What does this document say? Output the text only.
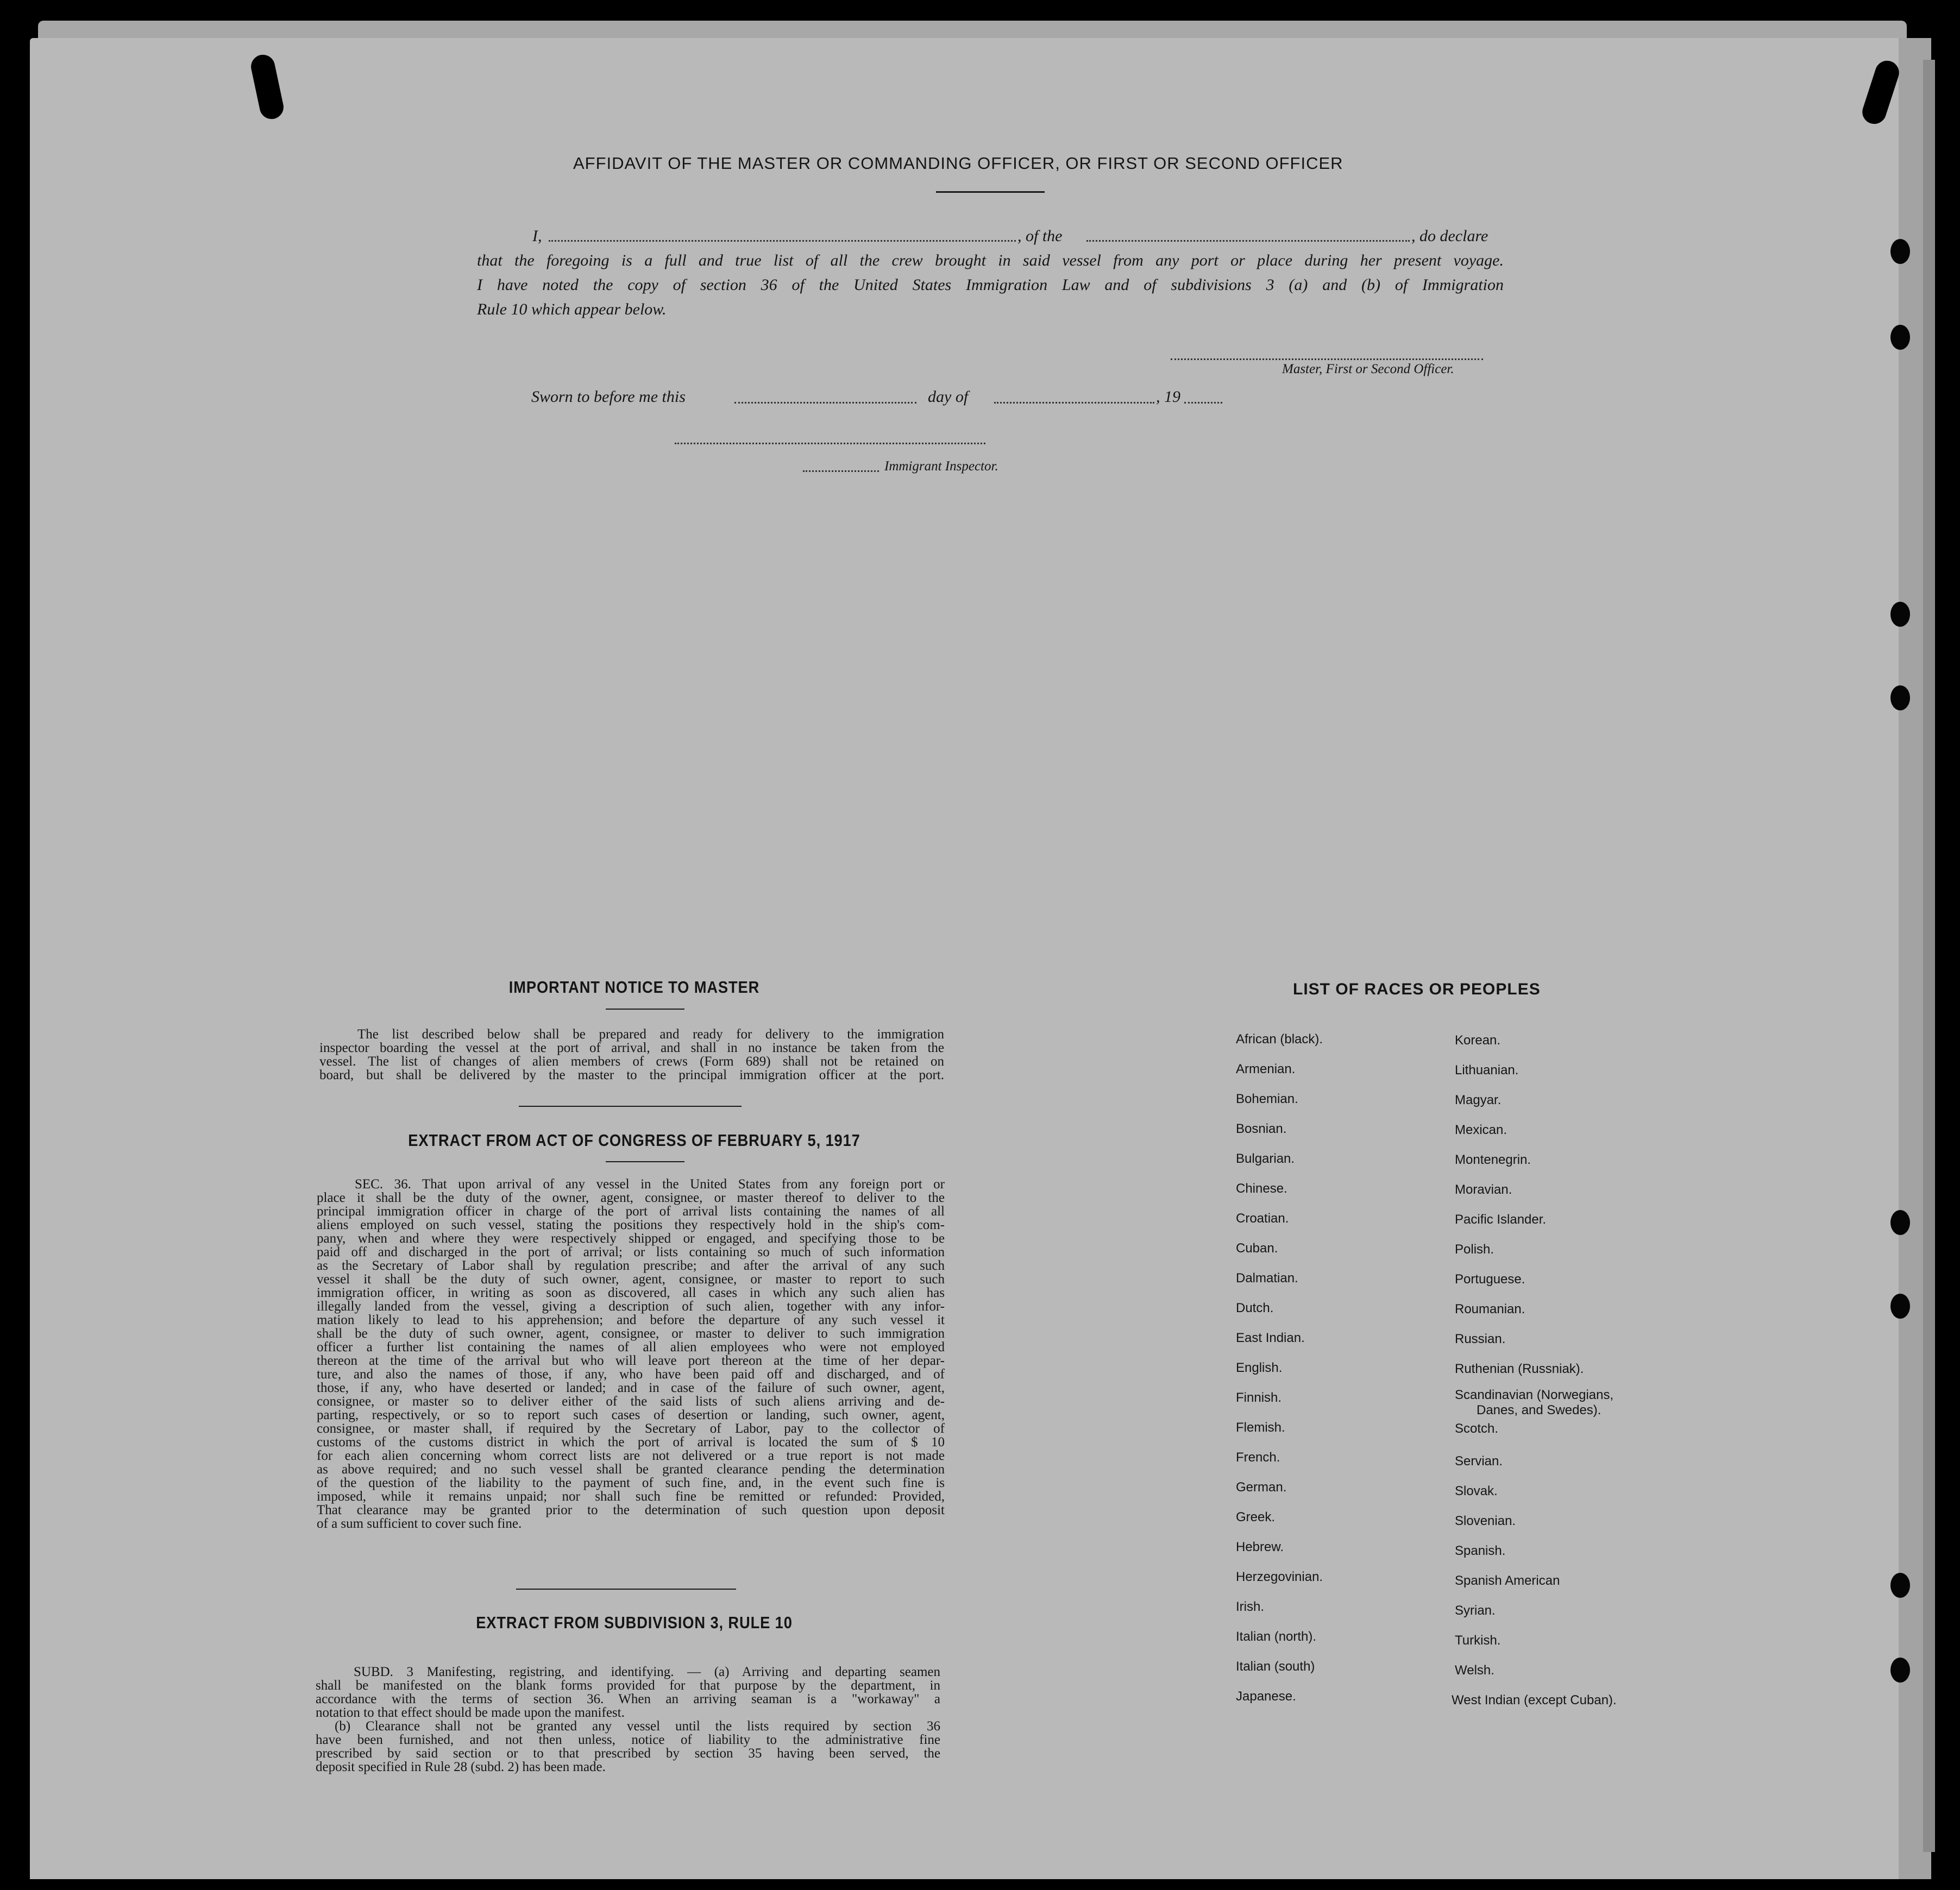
AFFIDAVIT OF THE MASTER OR COMMANDING OFFICER, OR FIRST OR SECOND OFFICER
I,	, of the	, do declare
that the foregoing is a full and true list of all the crew brought in said vessel from any port or place during her present voyage.
I have noted the copy of section 36 of the United States Immigration Law and of subdivisions 3 (a) and (b) of Immigration
Rule 10 which appear below.
Master, First or Second Officer.
Sworn to before me this	day of	, 19
Immigrant Inspector.
IMPORTANT NOTICE TO MASTER
The list described below shall be prepared and ready for delivery to the immigration
inspector boarding the vessel at the port of arrival, and shall in no instance be taken from the
vessel. The list of changes of alien members of crews (Form 689) shall not be retained on
board, but shall be delivered by the master to the principal immigration officer at the port.
EXTRACT FROM ACT OF CONGRESS OF FEBRUARY 5, 1917
SEC. 36. That upon arrival of any vessel in the United States from any foreign port or
place it shall be the duty of the owner, agent, consignee, or master thereof to deliver to the
principal immigration officer in charge of the port of arrival lists containing the names of all
aliens employed on such vessel, stating the positions they respectively hold in the ship's com-
pany, when and where they were respectively shipped or engaged, and specifying those to be
paid off and discharged in the port of arrival; or lists containing so much of such information
as the Secretary of Labor shall by regulation prescribe; and after the arrival of any such
vessel it shall be the duty of such owner, agent, consignee, or master to report to such
immigration officer, in writing as soon as discovered, all cases in which any such alien has
illegally landed from the vessel, giving a description of such alien, together with any infor-
mation likely to lead to his apprehension; and before the departure of any such vessel it
shall be the duty of such owner, agent, consignee, or master to deliver to such immigration
officer a further list containing the names of all alien employees who were not employed
thereon at the time of the arrival but who will leave port thereon at the time of her depar-
ture, and also the names of those, if any, who have been paid off and discharged, and of
those, if any, who have deserted or landed; and in case of the failure of such owner, agent,
consignee, or master so to deliver either of the said lists of such aliens arriving and de-
parting, respectively, or so to report such cases of desertion or landing, such owner, agent,
consignee, or master shall, if required by the Secretary of Labor, pay to the collector of
customs of the customs district in which the port of arrival is located the sum of $ 10
for each alien concerning whom correct lists are not delivered or a true report is not made
as above required; and no such vessel shall be granted clearance pending the determination
of the question of the liability to the payment of such fine, and, in the event such fine is
imposed, while it remains unpaid; nor shall such fine be remitted or refunded: Provided,
That clearance may be granted prior to the determination of such question upon deposit
of a sum sufficient to cover such fine.
EXTRACT FROM SUBDIVISION 3, RULE 10
SUBD. 3 Manifesting, registring, and identifying. — (a) Arriving and departing seamen
shall be manifested on the blank forms provided for that purpose by the department, in
accordance with the terms of section 36. When an arriving seaman is a "workaway" a
notation to that effect should be made upon the manifest.
(b) Clearance shall not be granted any vessel until the lists required by section 36
have been furnished, and not then unless, notice of liability to the administrative fine
prescribed by said section or to that prescribed by section 35 having been served, the
deposit specified in Rule 28 (subd. 2) has been made.
LIST OF RACES OR PEOPLES
African (black).
Armenian.
Bohemian.
Bosnian.
Bulgarian.
Chinese.
Croatian.
Cuban.
Dalmatian.
Dutch.
East Indian.
English.
Finnish.
Flemish.
French.
German.
Greek.
Hebrew.
Herzegovinian.
Irish.
Italian (north).
Italian (south)
Japanese.
Korean.
Lithuanian.
Magyar.
Mexican.
Montenegrin.
Moravian.
Pacific Islander.
Polish.
Portuguese.
Roumanian.
Russian.
Ruthenian (Russniak).
Scandinavian (Norwegians,
Danes, and Swedes).
Scotch.
Servian.
Slovak.
Slovenian.
Spanish.
Spanish American
Syrian.
Turkish.
Welsh.
West Indian (except Cuban).
